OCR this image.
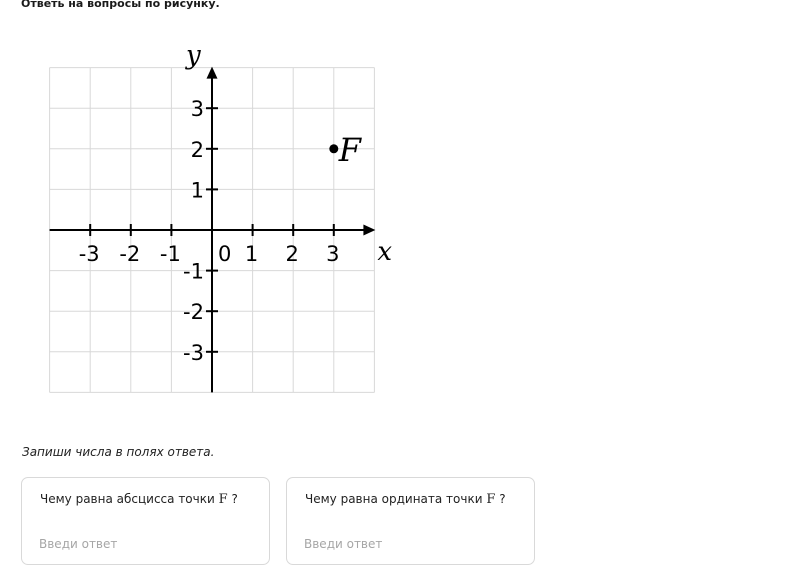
Ответь на вопросы по рисунку.
-3 -2 -1	1 2 3
3
2
1
-1
-2
-3
x
y
0
F

Запиши числа в полях ответа.

Чему равна абсцисса точки F ?
Введи ответ	Чему равна ордината точки F ?
Введи ответ
